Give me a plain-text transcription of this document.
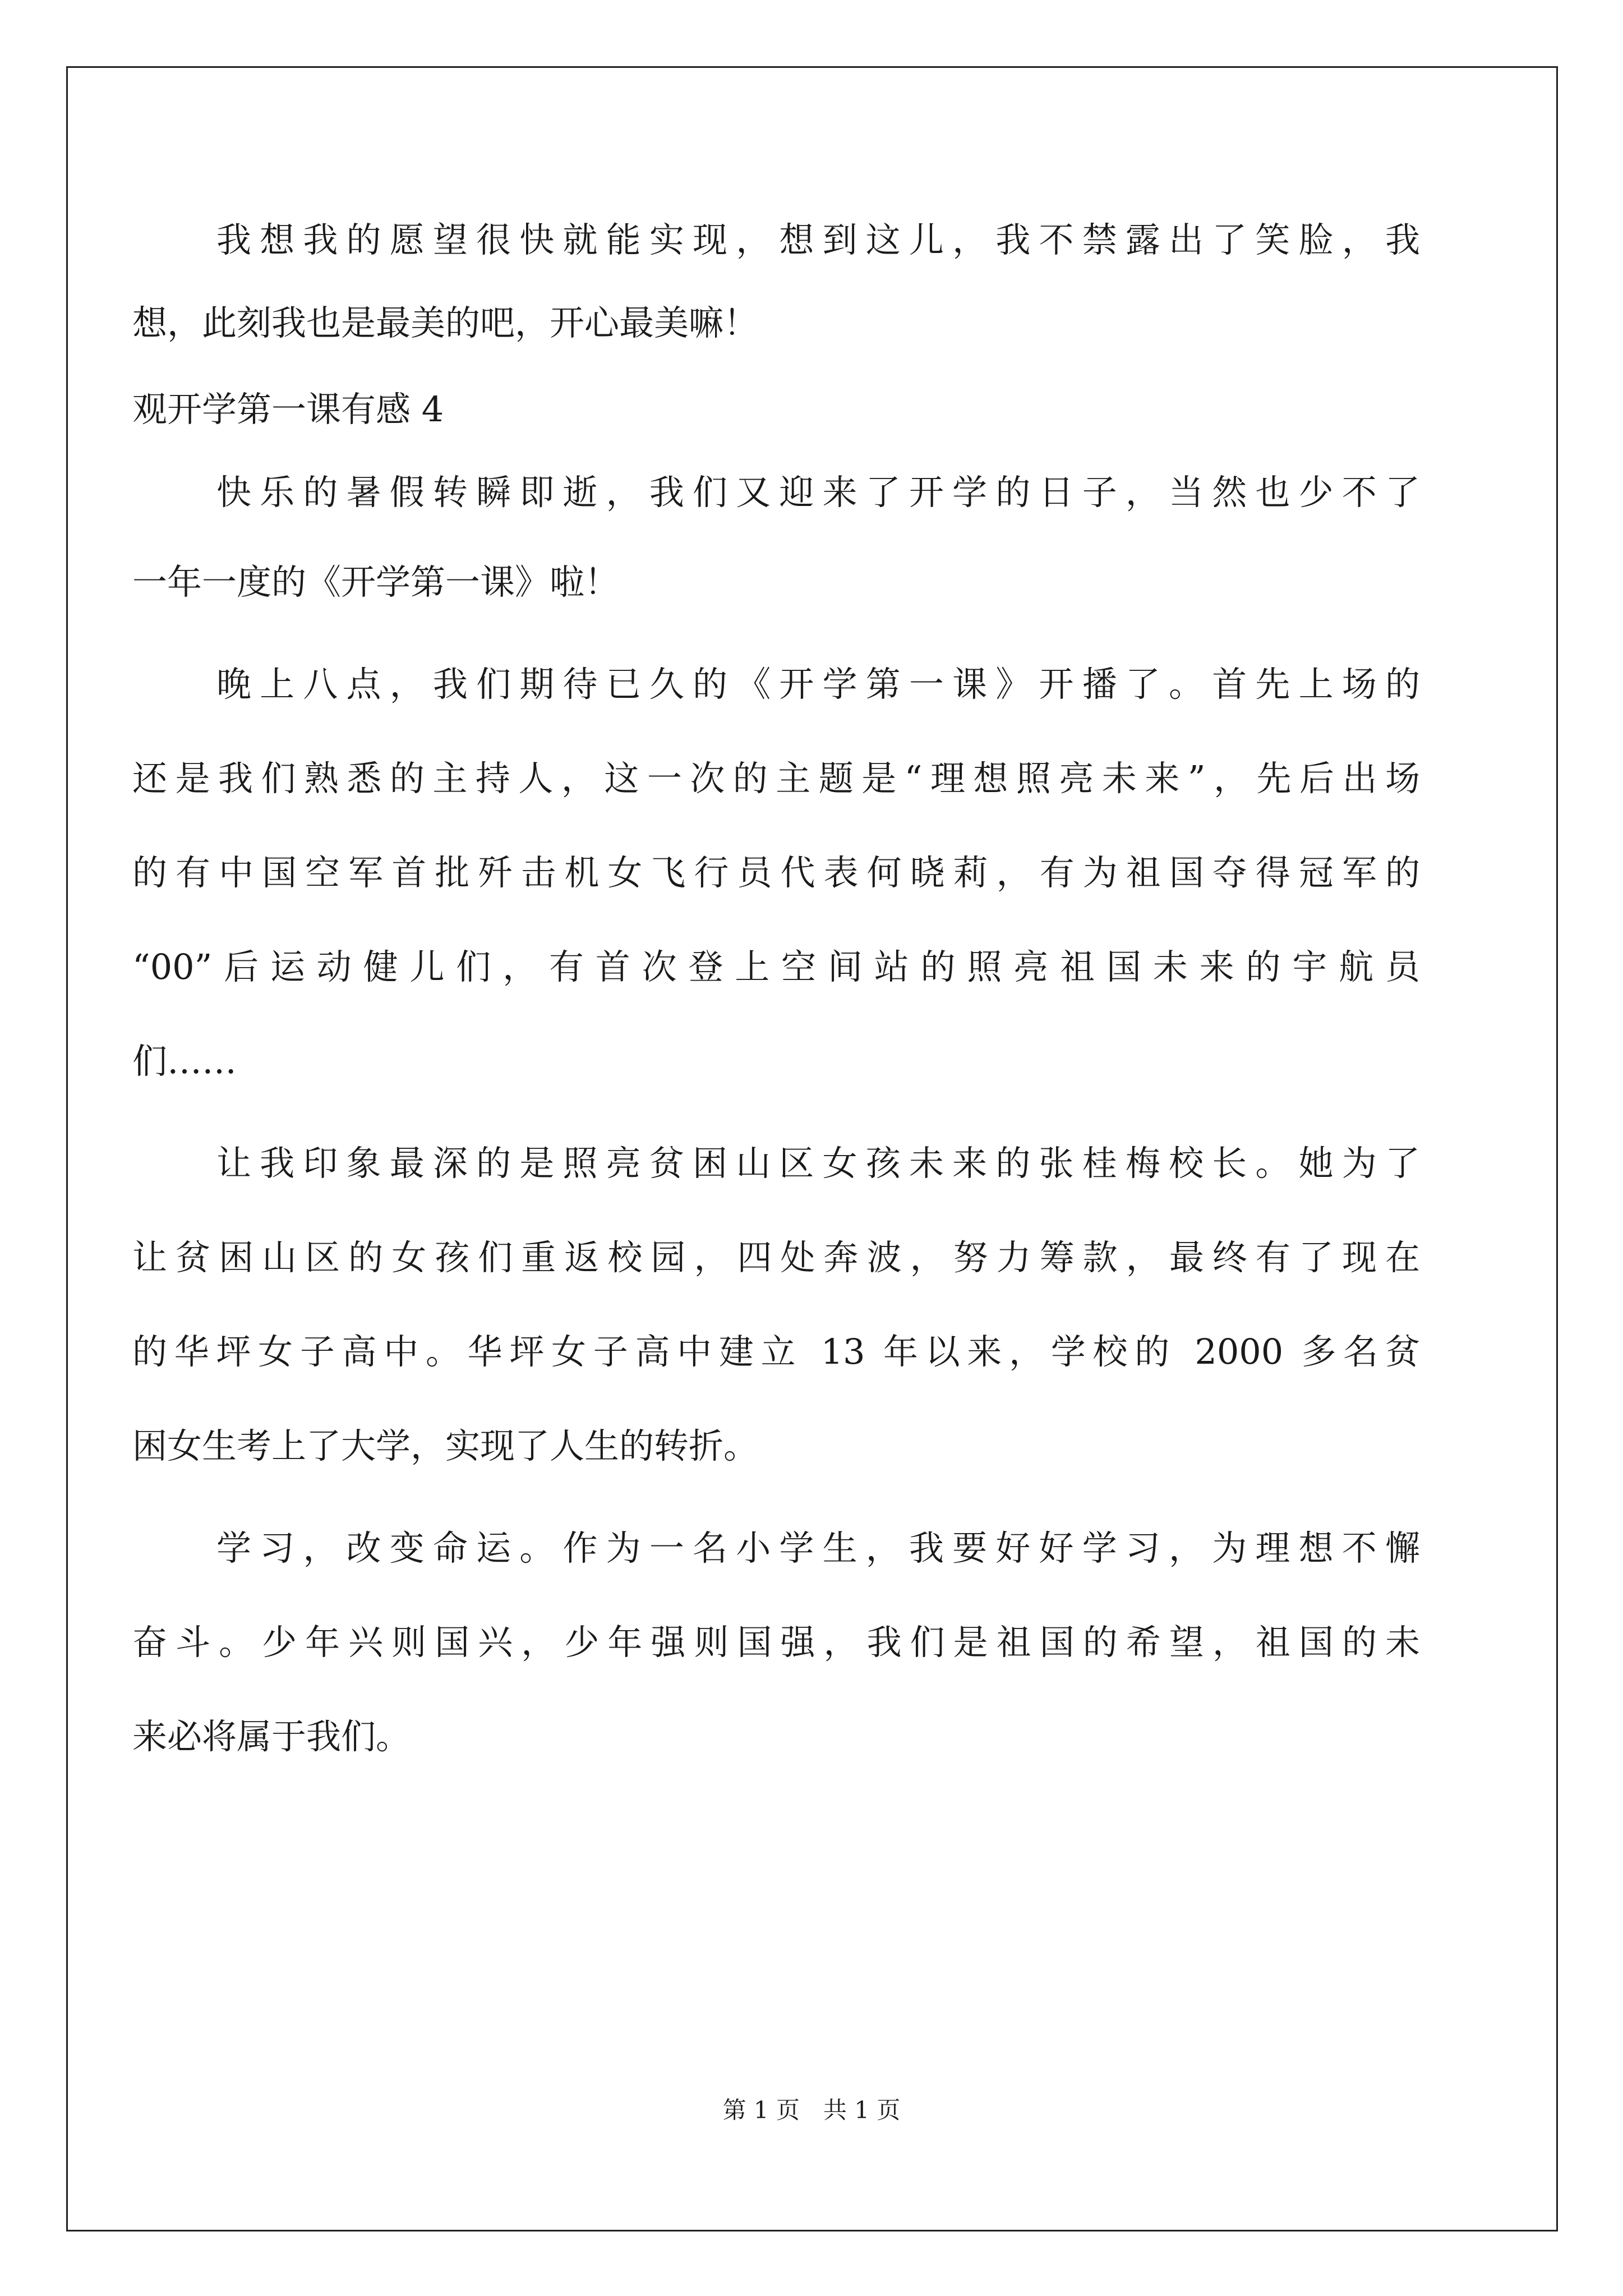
我想我的愿望很快就能实现，想到这儿，我不禁露出了笑脸，我
想，此刻我也是最美的吧，开心最美嘛！
观开学第一课有感 4
快乐的暑假转瞬即逝，我们又迎来了开学的日子，当然也少不了
一年一度的《开学第一课》啦！
晚上八点，我们期待已久的《开学第一课》开播了。首先上场的
还是我们熟悉的主持人，这一次的主题是“理想照亮未来”，先后出场
的有中国空军首批歼击机女飞行员代表何晓莉，有为祖国夺得冠军的
“00”后运动健儿们，有首次登上空间站的照亮祖国未来的宇航员
们……
让我印象最深的是照亮贫困山区女孩未来的张桂梅校长。她为了
让贫困山区的女孩们重返校园，四处奔波，努力筹款，最终有了现在
的华坪女子高中。华坪女子高中建立 13 年以来，学校的 2000 多名贫
困女生考上了大学，实现了人生的转折。
学习，改变命运。作为一名小学生，我要好好学习，为理想不懈
奋斗。少年兴则国兴，少年强则国强，我们是祖国的希望，祖国的未
来必将属于我们。
第 1 页　共 1 页
